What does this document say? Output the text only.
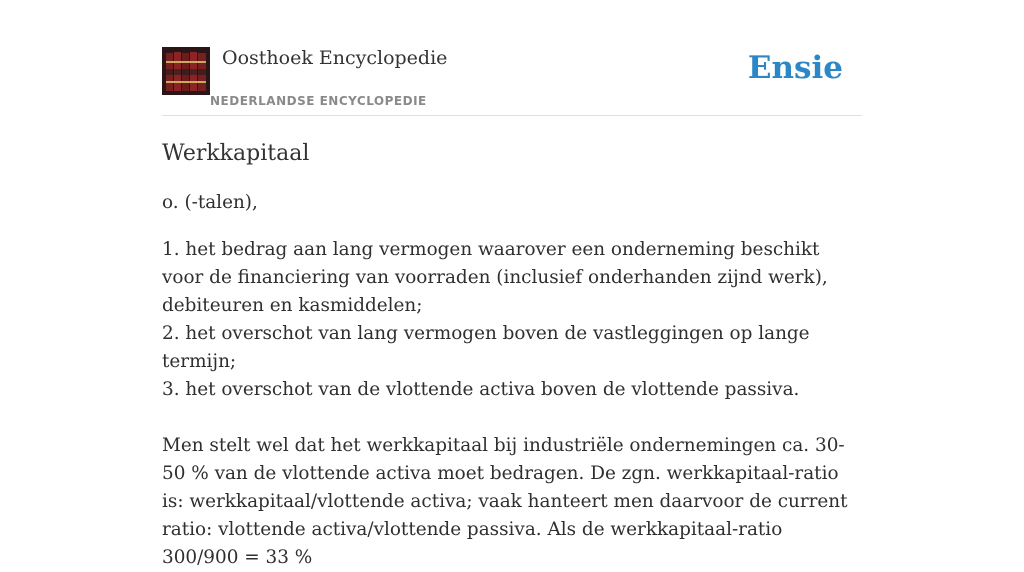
Oosthoek Encyclopedie
NEDERLANDSE ENCYCLOPEDIE
Ensie
Werkkapitaal

o. (-talen),

1. het bedrag aan lang vermogen waarover een onderneming beschikt voor de financiering van voorraden (inclusief onderhanden zijnd werk), debiteuren en kasmiddelen;
2. het overschot van lang vermogen boven de vastleggingen op lange termijn;
3. het overschot van de vlottende activa boven de vlottende passiva.

Men stelt wel dat het werkkapitaal bij industriële ondernemingen ca. 30-50 % van de vlottende activa moet bedragen. De zgn. werkkapitaal-ratio is: werkkapitaal/vlottende activa; vaak hanteert men daarvoor de current ratio: vlottende activa/vlottende passiva. Als de werkkapitaal-ratio 300/900 = 33 %
